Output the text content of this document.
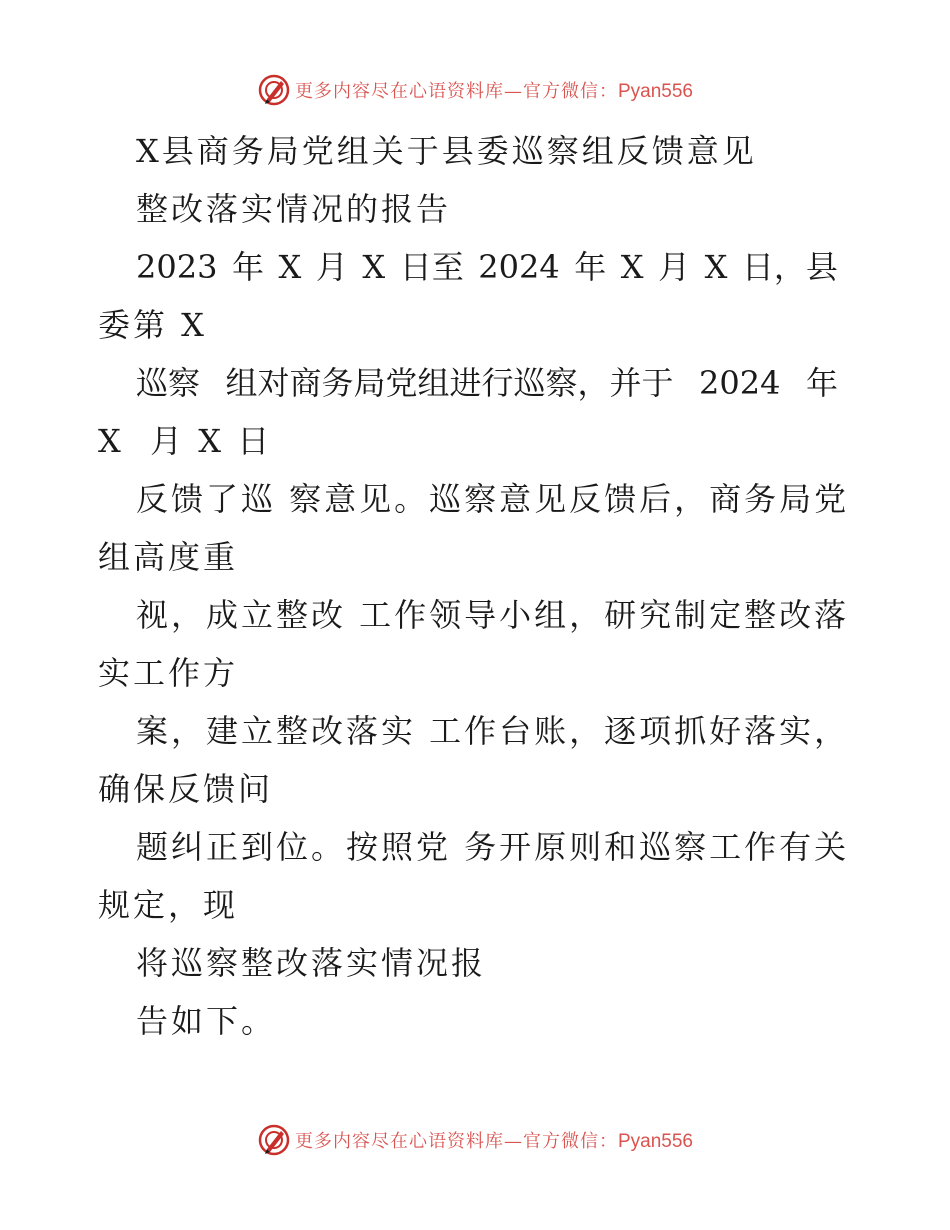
更多内容尽在心语资料库—官方微信：Pyan556
X县商务局党组关于县委巡察组反馈意见
整改落实情况的报告
2023 年 X 月 X 日至 2024 年 X 月 X 日，县
委第 X
巡察 组对商务局党组进行巡察，并于 2024 年
X  月 X 日
反馈了巡 察意见。巡察意见反馈后，商务局党
组高度重
视，成立整改 工作领导小组，研究制定整改落
实工作方
案，建立整改落实 工作台账，逐项抓好落实，
确保反馈问
题纠正到位。按照党 务开原则和巡察工作有关
规定，现
将巡察整改落实情况报
告如下。
更多内容尽在心语资料库—官方微信：Pyan556
